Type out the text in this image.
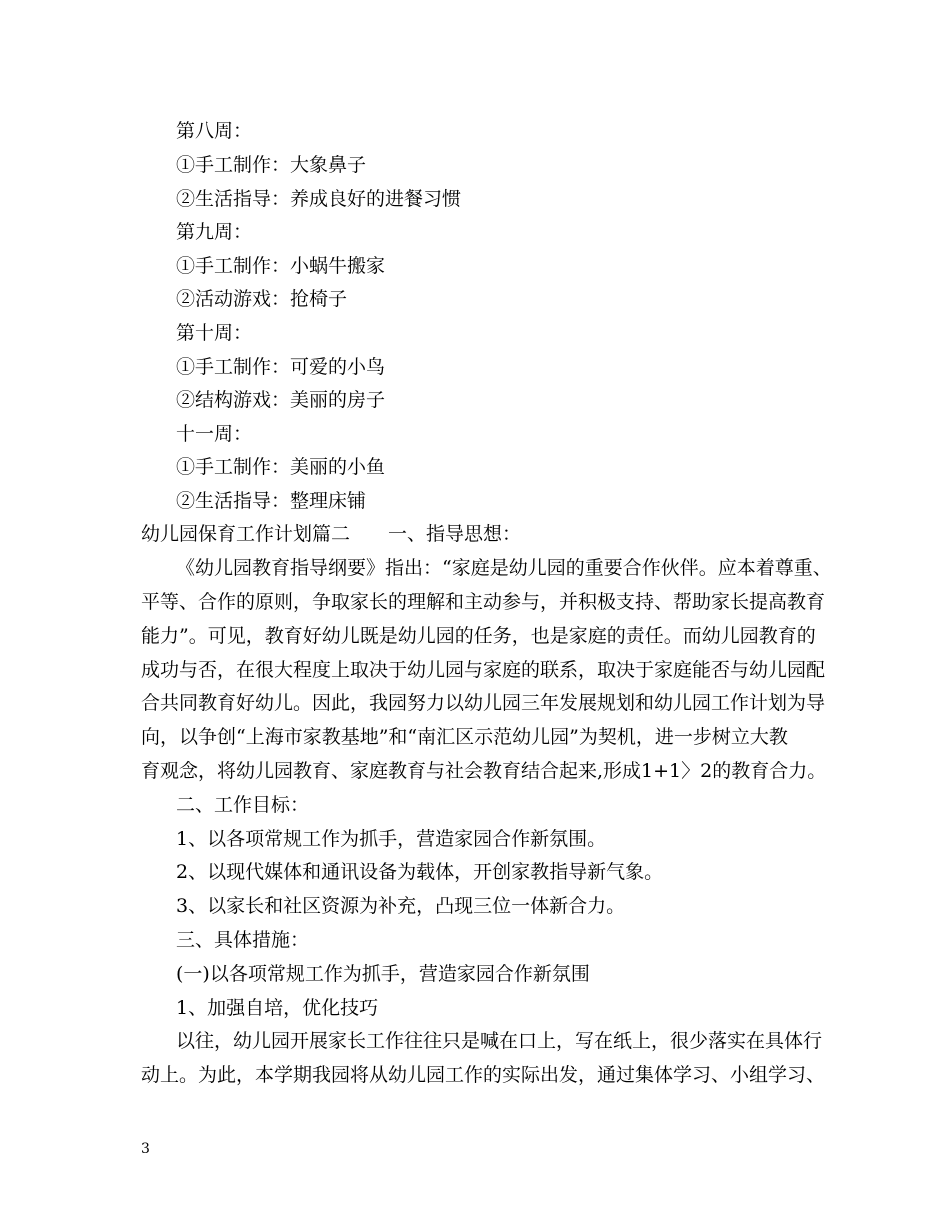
第八周：
①手工制作：大象鼻子
②生活指导：养成良好的进餐习惯
第九周：
①手工制作：小蜗牛搬家
②活动游戏：抢椅子
第十周：
①手工制作：可爱的小鸟
②结构游戏：美丽的房子
十一周：
①手工制作：美丽的小鱼
②生活指导：整理床铺
幼儿园保育工作计划篇二　　一、指导思想：
《幼儿园教育指导纲要》指出：“家庭是幼儿园的重要合作伙伴。应本着尊重、
平等、合作的原则，争取家长的理解和主动参与，并积极支持、帮助家长提高教育
能力”。可见，教育好幼儿既是幼儿园的任务，也是家庭的责任。而幼儿园教育的
成功与否，在很大程度上取决于幼儿园与家庭的联系，取决于家庭能否与幼儿园配
合共同教育好幼儿。因此，我园努力以幼儿园三年发展规划和幼儿园工作计划为导
向，以争创“上海市家教基地”和“南汇区示范幼儿园”为契机，进一步树立大教
育观念，将幼儿园教育、家庭教育与社会教育结合起来,形成1+1〉2的教育合力。
二、工作目标：
1、以各项常规工作为抓手，营造家园合作新氛围。
2、以现代媒体和通讯设备为载体，开创家教指导新气象。
3、以家长和社区资源为补充，凸现三位一体新合力。
三、具体措施：
(一)以各项常规工作为抓手，营造家园合作新氛围
1、加强自培，优化技巧
以往，幼儿园开展家长工作往往只是喊在口上，写在纸上，很少落实在具体行
动上。为此，本学期我园将从幼儿园工作的实际出发，通过集体学习、小组学习、
3
